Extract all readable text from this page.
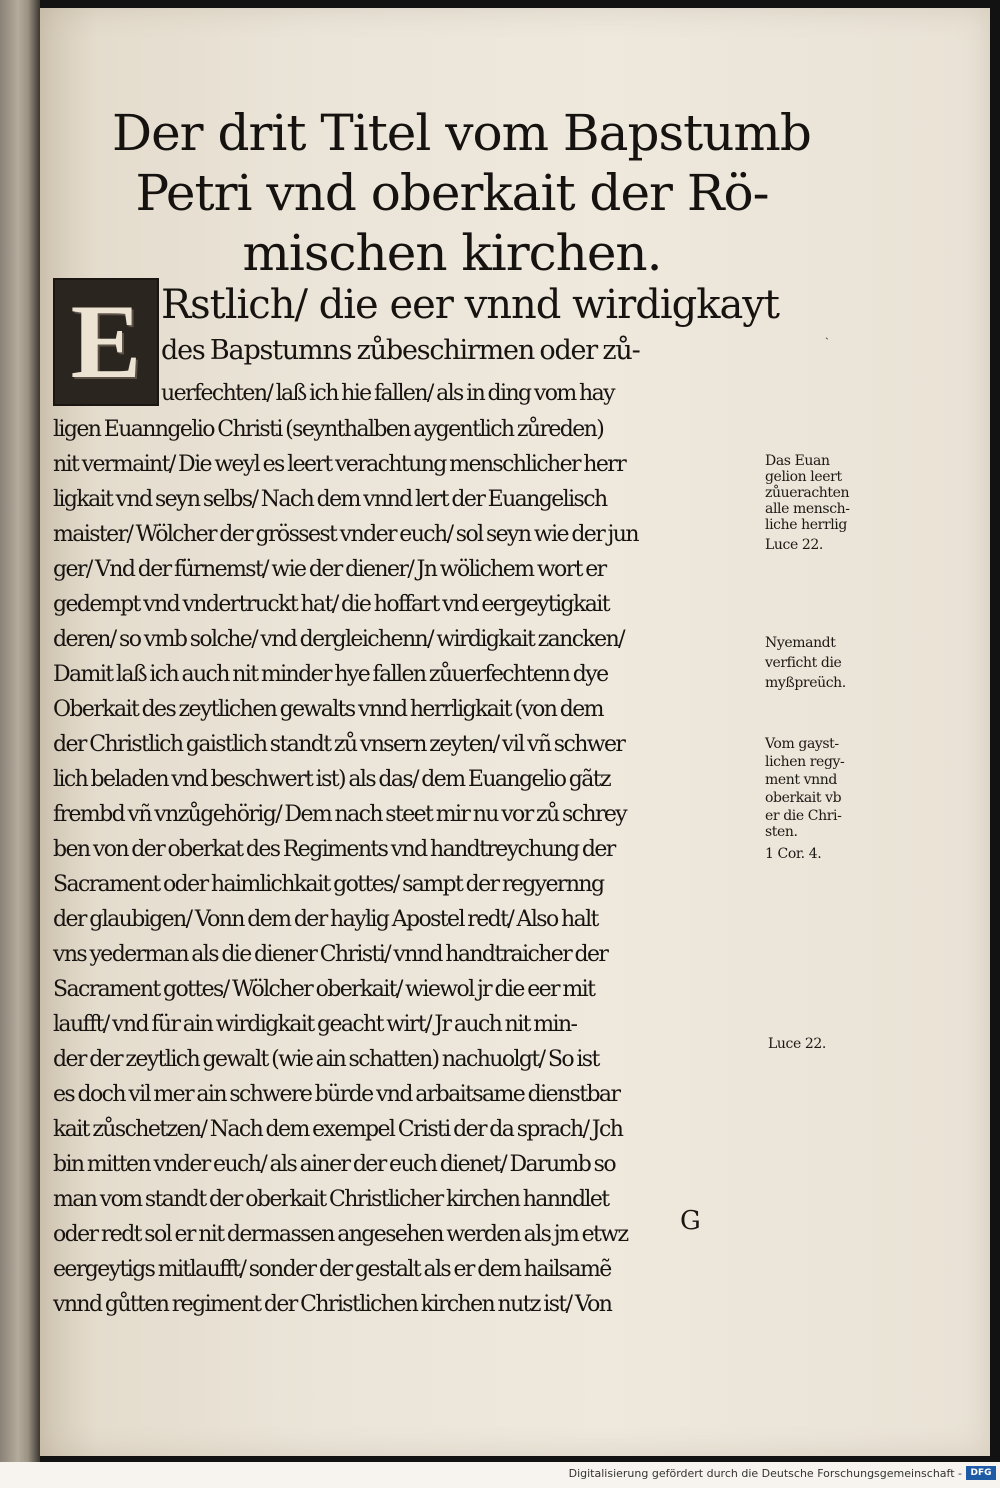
Der drit Titel vom Bapstumb
Petri vnd oberkait der Rö-
mischen kirchen.
E Rstlich/ die eer vnnd wirdigkayt
des Bapstumns zůbeschirmen oder zů-
uerfechten/ laß ich hie fallen/ als in ding vom hay
ligen Euanngelio Christi (seynthalben aygentlich zůreden)
nit vermaint/ Die weyl es leert verachtung menschlicher herr
ligkait vnd seyn selbs/ Nach dem vnnd lert der Euangelisch
maister/ Wölcher der grössest vnder euch/ sol seyn wie der jun
ger/ Vnd der fürnemst/ wie der diener/ Jn wölichem wort er
gedempt vnd vndertruckt hat/ die hoffart vnd eergeytigkait
deren/ so vmb solche/ vnd dergleichenn/ wirdigkait zancken/
Damit laß ich auch nit minder hye fallen zůuerfechtenn dye
Oberkait des zeytlichen gewalts vnnd herrligkait (von dem
der Christlich gaistlich standt zů vnsern zeyten/ vil vñ schwer
lich beladen vnd beschwert ist) als das/ dem Euangelio gãtz
frembd vñ vnzůgehörig/ Dem nach steet mir nu vor zů schrey
ben von der oberkat des Regiments vnd handtreychung der
Sacrament oder haimlichkait gottes/ sampt der regyernng
der glaubigen/ Vonn dem der haylig Apostel redt/ Also halt
vns yederman als die diener Christi/ vnnd handtraicher der
Sacrament gottes/ Wölcher oberkait/ wiewol jr die eer mit
laufft/ vnd für ain wirdigkait geacht wirt/ Jr auch nit min-
der der zeytlich gewalt (wie ain schatten) nachuolgt/ So ist
es doch vil mer ain schwere bürde vnd arbaitsame dienstbar
kait zůschetzen/ Nach dem exempel Cristi der da sprach/ Jch
bin mitten vnder euch/ als ainer der euch dienet/ Darumb so
man vom standt der oberkait Christlicher kirchen hanndlet
oder redt sol er nit dermassen angesehen werden als jm etwz
eergeytigs mitlaufft/ sonder der gestalt als er dem hailsamẽ
vnnd gůtten regiment der Christlichen kirchen nutz ist/ Von
ˎ
Das Euan
gelion leert
zůuerachten
alle mensch-
liche herrlig
Luce 22.
Nyemandt
verficht die
myßpreüch.
Vom gayst-
lichen regy-
ment vnnd
oberkait vb
er die Chri-
sten.
1 Cor. 4.
Luce 22.
G
Digitalisierung gefördert durch die Deutsche Forschungsgemeinschaft - DFG
